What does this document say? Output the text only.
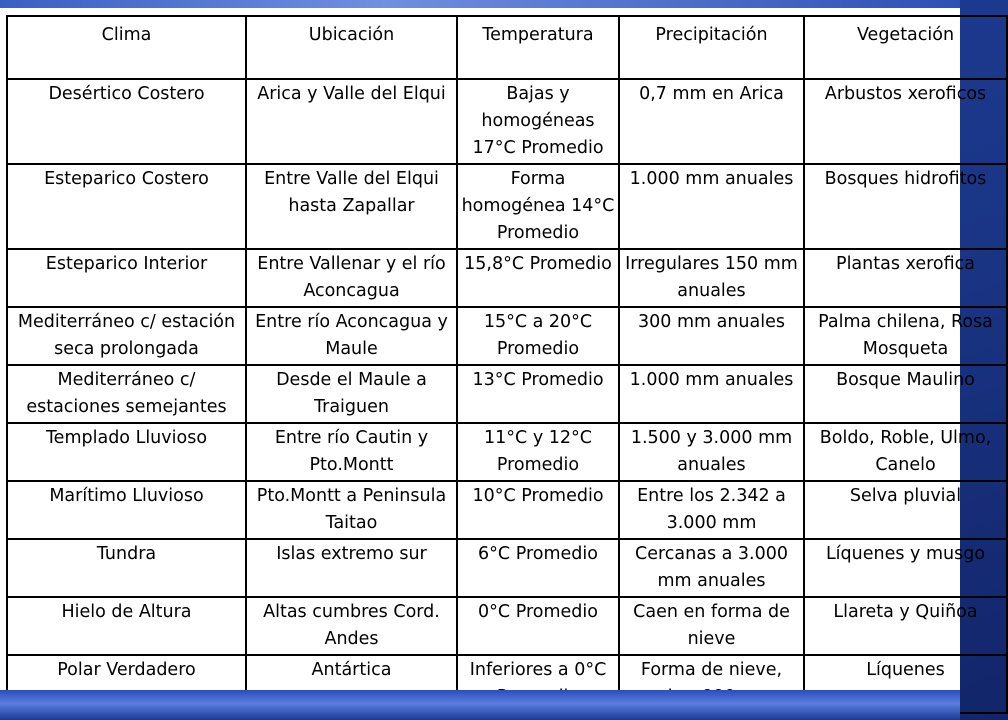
Clima	Ubicación	Temperatura	Precipitación	Vegetación
Desértico Costero	Arica y Valle del Elqui	Bajas y homogéneas 17°C Promedio	0,7 mm en Arica	Arbustos xeroficos
Esteparico Costero	Entre Valle del Elqui hasta Zapallar	Forma homogénea 14°C Promedio	1.000 mm anuales	Bosques hidrofitos
Esteparico Interior	Entre Vallenar y el río Aconcagua	15,8°C Promedio	Irregulares 150 mm anuales	Plantas xerofica
Mediterráneo c/ estación seca prolongada	Entre río Aconcagua y Maule	15°C a 20°C Promedio	300 mm anuales	Palma chilena, Rosa Mosqueta
Mediterráneo c/ estaciones semejantes	Desde el Maule a Traiguen	13°C Promedio	1.000 mm anuales	Bosque Maulino
Templado Lluvioso	Entre río Cautin y Pto.Montt	11°C y 12°C Promedio	1.500 y 3.000 mm anuales	Boldo, Roble, Ulmo, Canelo
Marítimo Lluvioso	Pto.Montt a Peninsula Taitao	10°C Promedio	Entre los 2.342 a 3.000 mm	Selva pluvial
Tundra	Islas extremo sur	6°C Promedio	Cercanas a 3.000 mm anuales	Líquenes y musgo
Hielo de Altura	Altas cumbres Cord. Andes	0°C Promedio	Caen en forma de nieve	Llareta y Quiñoa
Polar Verdadero	Antártica	Inferiores a 0°C	Forma de nieve,	Líquenes
